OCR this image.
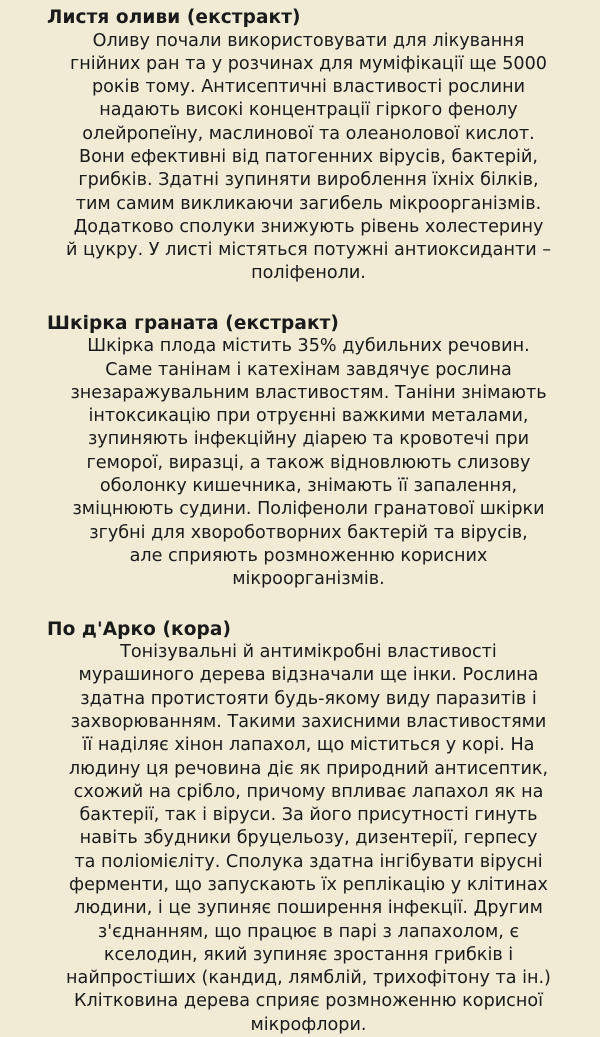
Листя оливи (екстракт)

Оливу почали використовувати для лікування
гнійних ран та у розчинах для муміфікації ще 5000
років тому. Антисептичні властивості рослини
надають високі концентрації гіркого фенолу
олейропеїну, маслинової та олеанолової кислот.
Вони ефективні від патогенних вірусів, бактерій,
грибків. Здатні зупиняти вироблення їхніх білків,
тим самим викликаючи загибель мікроорганізмів.
Додатково сполуки знижують рівень холестерину
й цукру. У листі містяться потужні антиоксиданти –
поліфеноли.

Шкірка граната (екстракт)

Шкірка плода містить 35% дубильних речовин.
Саме танінам і катехінам завдячує рослина
знезаражувальним властивостям. Таніни знімають
інтоксикацію при отруєнні важкими металами,
зупиняють інфекційну діарею та кровотечі при
геморої, виразці, а також відновлюють слизову
оболонку кишечника, знімають її запалення,
зміцнюють судини. Поліфеноли гранатової шкірки
згубні для хвороботворних бактерій та вірусів,
але сприяють розмноженню корисних
мікроорганізмів.

По д'Арко (кора)

Тонізувальні й антимікробні властивості
мурашиного дерева відзначали ще інки. Рослина
здатна протистояти будь-якому виду паразитів і
захворюванням. Такими захисними властивостями
її наділяє хінон лапахол, що міститься у корі. На
людину ця речовина діє як природний антисептик,
схожий на срібло, причому впливає лапахол як на
бактерії, так і віруси. За його присутності гинуть
навіть збудники бруцельозу, дизентерії, герпесу
та поліомієліту. Сполука здатна інгібувати вірусні
ферменти, що запускають їх реплікацію у клітинах
людини, і це зупиняє поширення інфекції. Другим
з'єднанням, що працює в парі з лапахолом, є
кселодин, який зупиняє зростання грибків і
найпростіших (кандид, лямблій, трихофітону та ін.)
Клітковина дерева сприяє розмноженню корисної
мікрофлори.
